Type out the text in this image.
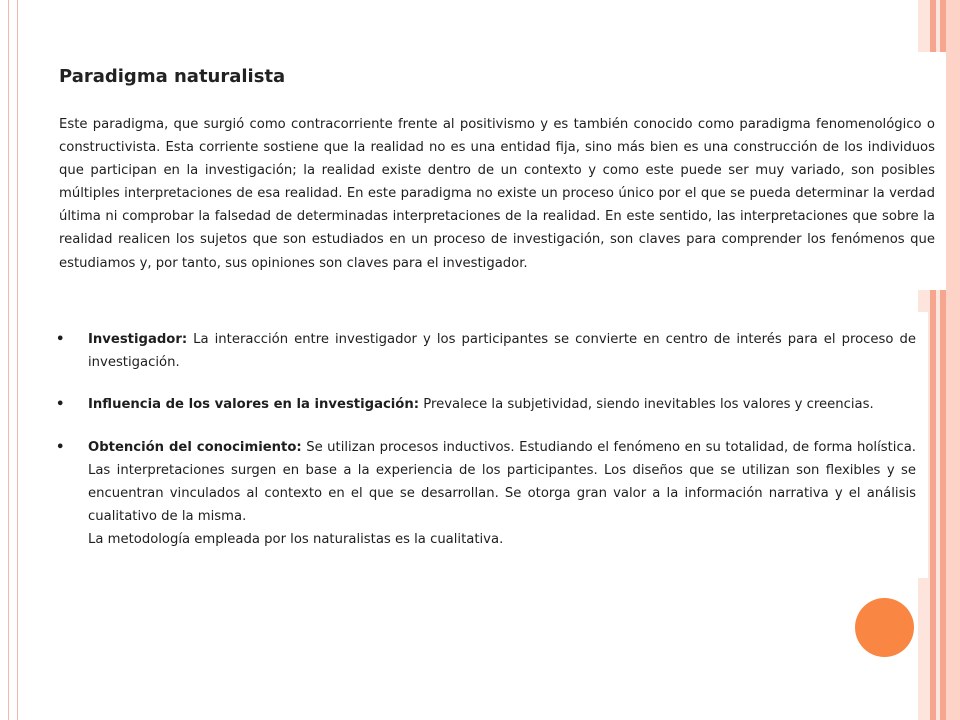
Paradigma naturalista

Este paradigma, que surgió como contracorriente frente al positivismo y es también conocido como paradigma fenomenológico o constructivista. Esta corriente sostiene que la realidad no es una entidad fija, sino más bien es una construcción de los individuos que participan en la investigación; la realidad existe dentro de un contexto y como este puede ser muy variado, son posibles múltiples interpretaciones de esa realidad. En este paradigma no existe un proceso único por el que se pueda determinar la verdad última ni comprobar la falsedad de determinadas interpretaciones de la realidad. En este sentido, las interpretaciones que sobre la realidad realicen los sujetos que son estudiados en un proceso de investigación, son claves para comprender los fenómenos que estudiamos y, por tanto, sus opiniones son claves para el investigador.

• Investigador: La interacción entre investigador y los participantes se convierte en centro de interés para el proceso de investigación.
• Influencia de los valores en la investigación: Prevalece la subjetividad, siendo inevitables los valores y creencias.
• Obtención del conocimiento: Se utilizan procesos inductivos. Estudiando el fenómeno en su totalidad, de forma holística. Las interpretaciones surgen en base a la experiencia de los participantes. Los diseños que se utilizan son flexibles y se encuentran vinculados al contexto en el que se desarrollan. Se otorga gran valor a la información narrativa y el análisis cualitativo de la misma.
La metodología empleada por los naturalistas es la cualitativa.
